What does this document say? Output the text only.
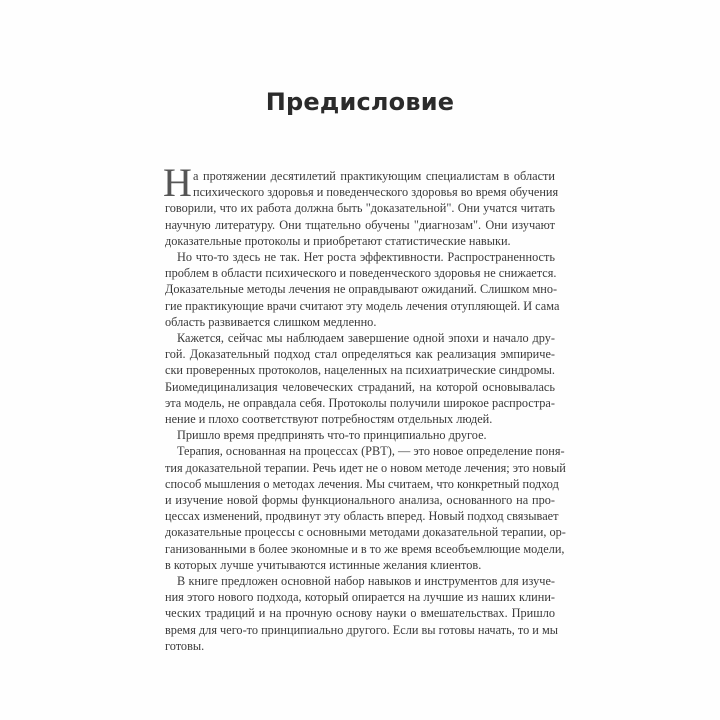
Предисловие
Н а протяжении десятилетий практикующим специалистам в области
психического здоровья и поведенческого здоровья во время обучения
говорили, что их работа должна быть "доказательной". Они учатся читать
научную литературу. Они тщательно обучены "диагнозам". Они изучают
доказательные протоколы и приобретают статистические навыки.
Но что-то здесь не так. Нет роста эффективности. Распространенность
проблем в области психического и поведенческого здоровья не снижается.
Доказательные методы лечения не оправдывают ожиданий. Слишком мно-
гие практикующие врачи считают эту модель лечения отупляющей. И сама
область развивается слишком медленно.
Кажется, сейчас мы наблюдаем завершение одной эпохи и начало дру-
гой. Доказательный подход стал определяться как реализация эмпириче-
ски проверенных протоколов, нацеленных на психиатрические синдромы.
Биомедицинализация человеческих страданий, на которой основывалась
эта модель, не оправдала себя. Протоколы получили широкое распростра-
нение и плохо соответствуют потребностям отдельных людей.
Пришло время предпринять что-то принципиально другое.
Терапия, основанная на процессах (PBT), — это новое определение поня-
тия доказательной терапии. Речь идет не о новом методе лечения; это новый
способ мышления о методах лечения. Мы считаем, что конкретный подход
и изучение новой формы функционального анализа, основанного на про-
цессах изменений, продвинут эту область вперед. Новый подход связывает
доказательные процессы с основными методами доказательной терапии, ор-
ганизованными в более экономные и в то же время всеобъемлющие модели,
в которых лучше учитываются истинные желания клиентов.
В книге предложен основной набор навыков и инструментов для изуче-
ния этого нового подхода, который опирается на лучшие из наших клини-
ческих традиций и на прочную основу науки о вмешательствах. Пришло
время для чего-то принципиально другого. Если вы готовы начать, то и мы
готовы.
